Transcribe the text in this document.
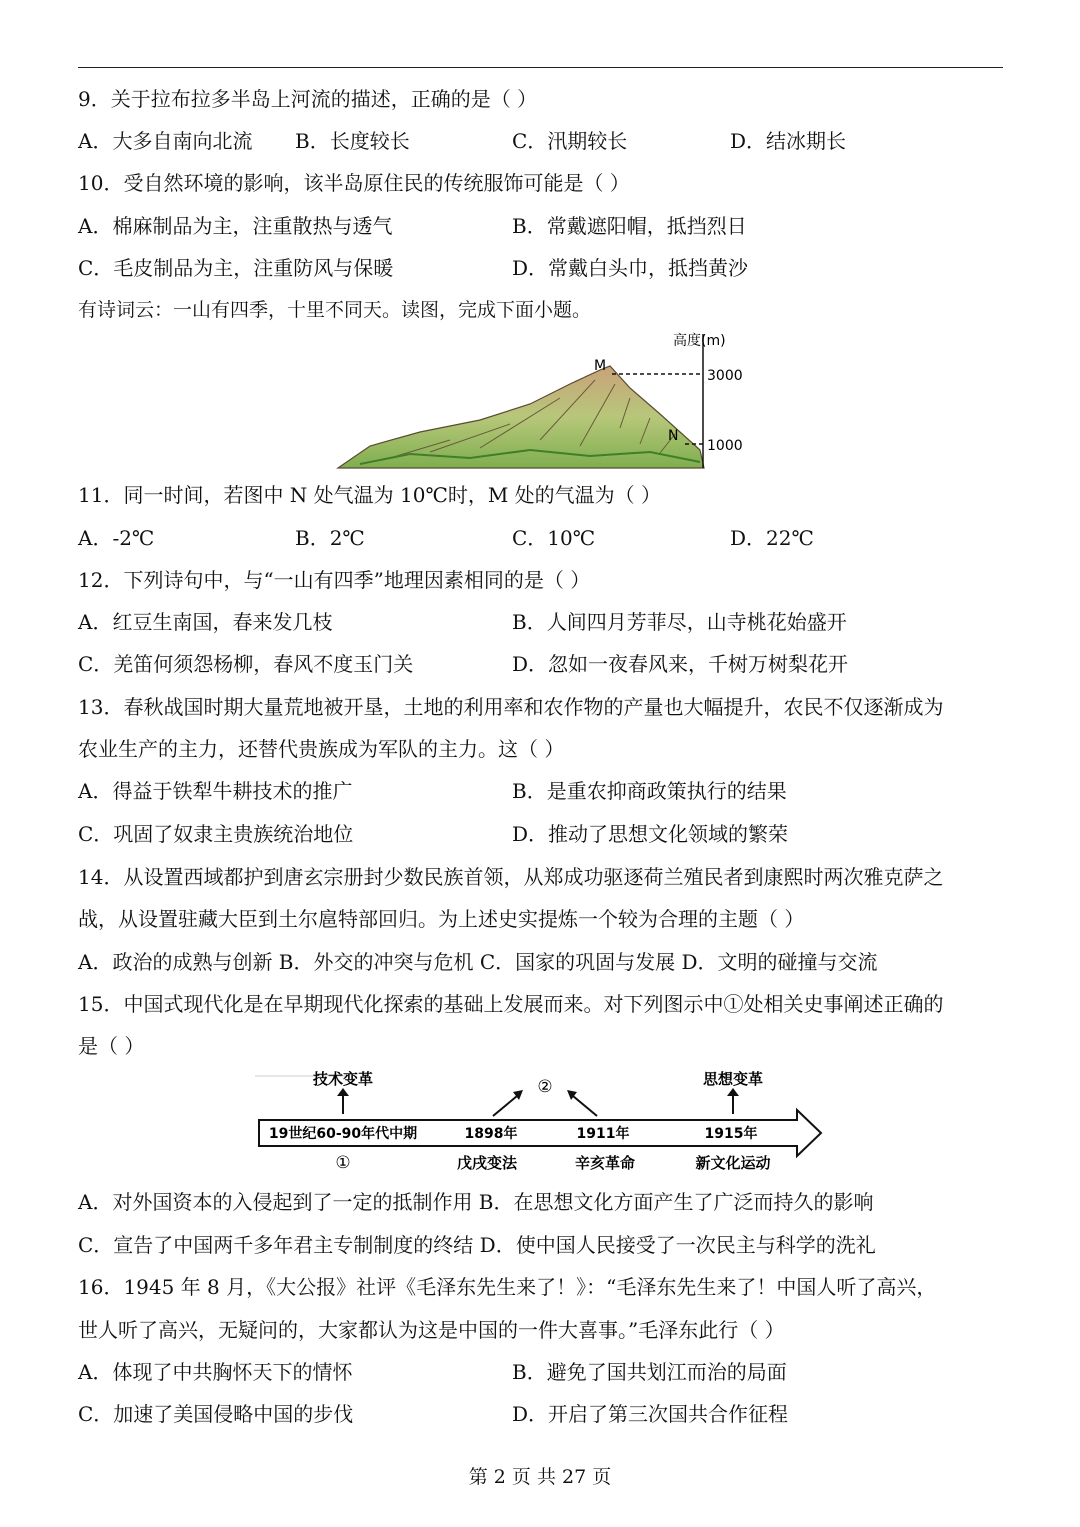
9．关于拉布拉多半岛上河流的描述，正确的是（ ）
A．大多自南向北流 B．长度较长	C．汛期较长	D．结冰期长
10．受自然环境的影响，该半岛原住民的传统服饰可能是（ ）
A．棉麻制品为主，注重散热与透气	B．常戴遮阳帽，抵挡烈日
C．毛皮制品为主，注重防风与保暖	D．常戴白头巾，抵挡黄沙
有诗词云：一山有四季，十里不同天。读图，完成下面小题。
高度(m)
3000
1000
M
N
11．同一时间，若图中 N 处气温为 10℃时，M 处的气温为（ ）
A．-2℃	B．2℃	C．10℃	D．22℃
12．下列诗句中，与“一山有四季”地理因素相同的是（ ）
A．红豆生南国，春来发几枝	B．人间四月芳菲尽，山寺桃花始盛开
C．羌笛何须怨杨柳，春风不度玉门关	D．忽如一夜春风来，千树万树梨花开
13．春秋战国时期大量荒地被开垦，土地的利用率和农作物的产量也大幅提升，农民不仅逐渐成为
农业生产的主力，还替代贵族成为军队的主力。这（ ）
A．得益于铁犁牛耕技术的推广	B．是重农抑商政策执行的结果
C．巩固了奴隶主贵族统治地位	D．推动了思想文化领域的繁荣
14．从设置西域都护到唐玄宗册封少数民族首领，从郑成功驱逐荷兰殖民者到康熙时两次雅克萨之
战，从设置驻藏大臣到土尔扈特部回归。为上述史实提炼一个较为合理的主题（ ）
A．政治的成熟与创新 B．外交的冲突与危机 C．国家的巩固与发展 D．文明的碰撞与交流
15．中国式现代化是在早期现代化探索的基础上发展而来。对下列图示中①处相关史事阐述正确的
是（ ）
技术变革	②	思想变革
19世纪60-90年代中期	1898年	1911年	1915年
①	戊戌变法	辛亥革命	新文化运动
A．对外国资本的入侵起到了一定的抵制作用 B．在思想文化方面产生了广泛而持久的影响
C．宣告了中国两千多年君主专制制度的终结 D．使中国人民接受了一次民主与科学的洗礼
16．1945 年 8 月，《大公报》社评《毛泽东先生来了！》：“毛泽东先生来了！中国人听了高兴，
世人听了高兴，无疑问的，大家都认为这是中国的一件大喜事。”毛泽东此行（ ）
A．体现了中共胸怀天下的情怀	B．避免了国共划江而治的局面
C．加速了美国侵略中国的步伐	D．开启了第三次国共合作征程
第 2 页 共 27 页
